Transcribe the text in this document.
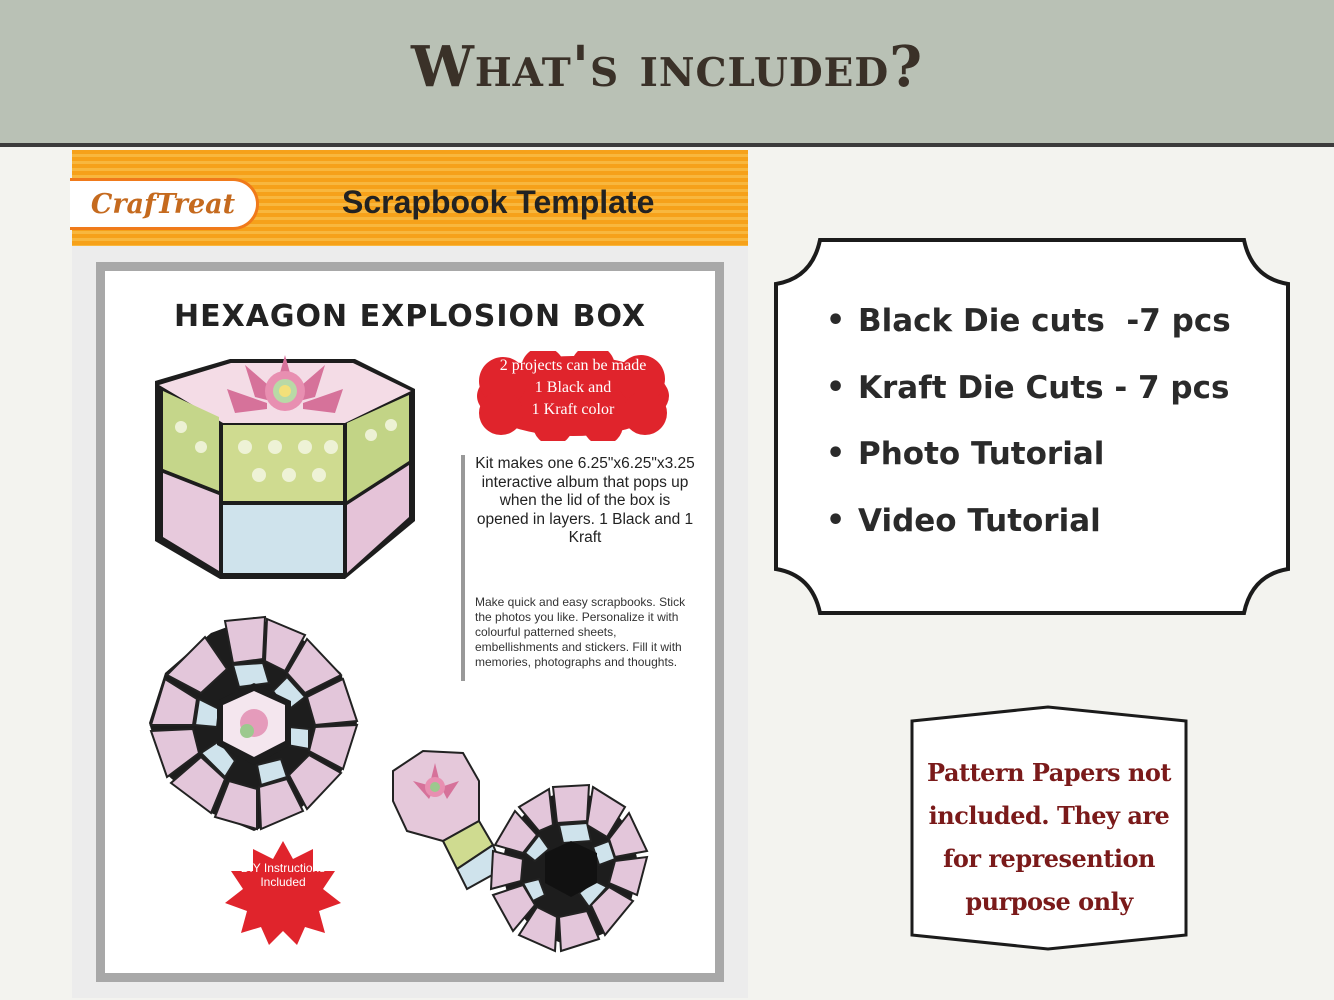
What's included?
CrafTreat	Scrapbook Template
HEXAGON EXPLOSION BOX
2 projects can be made
1 Black and
1 Kraft color
Kit makes one 6.25"x6.25"x3.25 interactive album that pops up when the lid of the box is opened in layers. 1 Black and 1 Kraft
Make quick and easy scrapbooks. Stick the photos you like. Personalize it with colourful patterned sheets, embellishments and stickers. Fill it with memories, photographs and thoughts.
DIY Instructions Included
• Black Die cuts  -7 pcs
• Kraft Die Cuts - 7 pcs
• Photo Tutorial
• Video Tutorial

Pattern Papers not included. They are for represention purpose only
